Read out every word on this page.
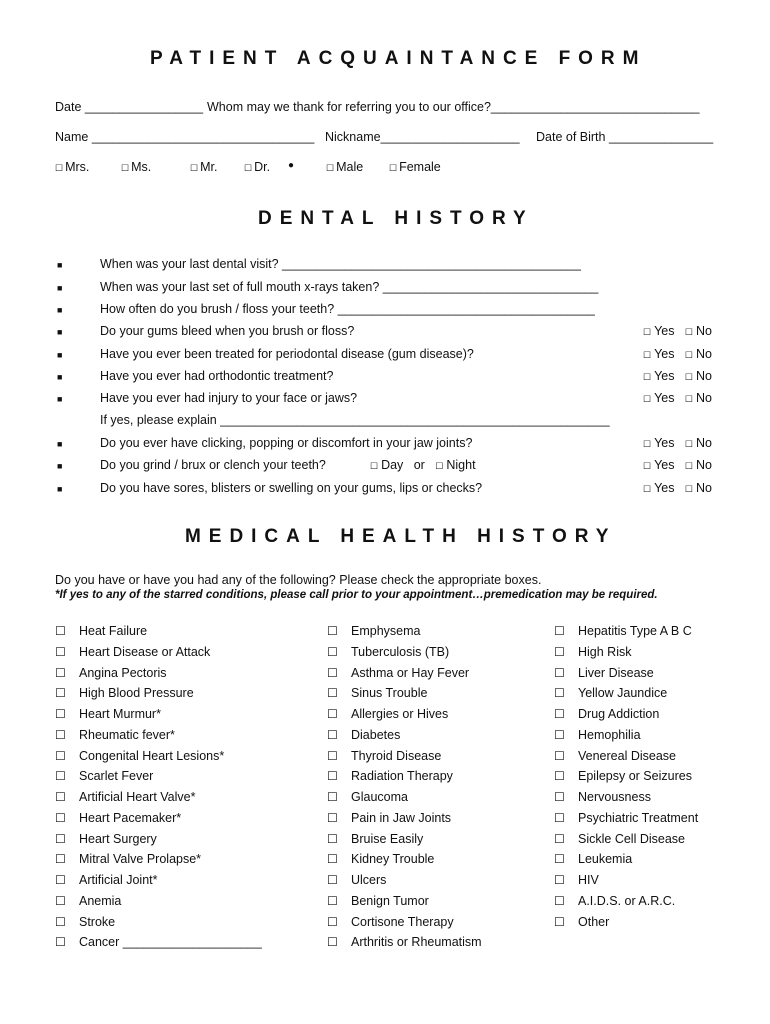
PATIENT ACQUAINTANCE FORM
Date _________________ Whom may we thank for referring you to our office?______________________________
Name ________________________________ Nickname____________________ Date of Birth _______________
☐ Mrs.	☐ Ms.	☐ Mr.	☐ Dr. ●	☐ Male	☐ Female
DENTAL HISTORY
■	When was your last dental visit? ___________________________________________
■	When was your last set of full mouth x-rays taken? _______________________________
■	How often do you brush / floss your teeth? _____________________________________
■	Do your gums bleed when you brush or floss?	☐ Yes ☐ No
■	Have you ever been treated for periodontal disease (gum disease)?	☐ Yes ☐ No
■	Have you ever had orthodontic treatment?	☐ Yes ☐ No
■	Have you ever had injury to your face or jaws?	☐ Yes ☐ No
If yes, please explain ________________________________________________________
■	Do you ever have clicking, popping or discomfort in your jaw joints?	☐ Yes ☐ No
■	Do you grind / brux or clench your teeth?	☐ Day or ☐ Night	☐ Yes ☐ No
■	Do you have sores, blisters or swelling on your gums, lips or checks?	☐ Yes ☐ No
MEDICAL HEALTH HISTORY
Do you have or have you had any of the following? Please check the appropriate boxes.
*If yes to any of the starred conditions, please call prior to your appointment…premedication may be required.
☐	Heat Failure
☐	Heart Disease or Attack
☐	Angina Pectoris
☐	High Blood Pressure
☐	Heart Murmur*
☐	Rheumatic fever*
☐	Congenital Heart Lesions*
☐	Scarlet Fever
☐	Artificial Heart Valve*
☐	Heart Pacemaker*
☐	Heart Surgery
☐	Mitral Valve Prolapse*
☐	Artificial Joint*
☐	Anemia
☐	Stroke
☐	Cancer ____________________
☐	Emphysema
☐	Tuberculosis (TB)
☐	Asthma or Hay Fever
☐	Sinus Trouble
☐	Allergies or Hives
☐	Diabetes
☐	Thyroid Disease
☐	Radiation Therapy
☐	Glaucoma
☐	Pain in Jaw Joints
☐	Bruise Easily
☐	Kidney Trouble
☐	Ulcers
☐	Benign Tumor
☐	Cortisone Therapy
☐	Arthritis or Rheumatism
☐	Hepatitis Type A B C
☐	High Risk
☐	Liver Disease
☐	Yellow Jaundice
☐	Drug Addiction
☐	Hemophilia
☐	Venereal Disease
☐	Epilepsy or Seizures
☐	Nervousness
☐	Psychiatric Treatment
☐	Sickle Cell Disease
☐	Leukemia
☐	HIV
☐	A.I.D.S. or A.R.C.
☐	Other
